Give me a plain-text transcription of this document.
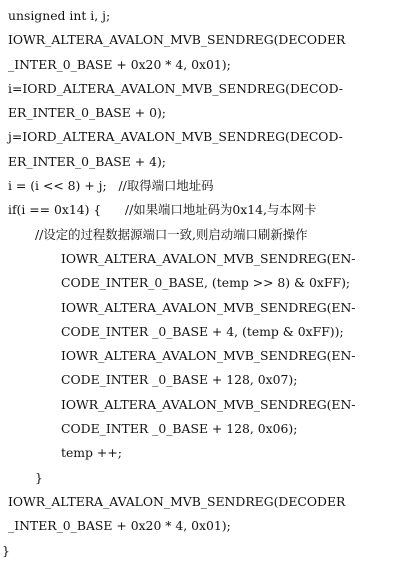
unsigned int i, j;
IOWR_ALTERA_AVALON_MVB_SENDREG(DECODER
_INTER_0_BASE + 0x20 * 4, 0x01);
i=IORD_ALTERA_AVALON_MVB_SENDREG(DECOD-
ER_INTER_0_BASE + 0);
j=IORD_ALTERA_AVALON_MVB_SENDREG(DECOD-
ER_INTER_0_BASE + 4);
i = (i << 8) + j;   //取得端口地址码
if(i == 0x14) {      //如果端口地址码为0x14,与本网卡
//设定的过程数据源端口一致,则启动端口刷新操作
IOWR_ALTERA_AVALON_MVB_SENDREG(EN-
CODE_INTER_0_BASE, (temp >> 8) & 0xFF);
IOWR_ALTERA_AVALON_MVB_SENDREG(EN-
CODE_INTER _0_BASE + 4, (temp & 0xFF));
IOWR_ALTERA_AVALON_MVB_SENDREG(EN-
CODE_INTER _0_BASE + 128, 0x07);
IOWR_ALTERA_AVALON_MVB_SENDREG(EN-
CODE_INTER _0_BASE + 128, 0x06);
temp ++;
}
IOWR_ALTERA_AVALON_MVB_SENDREG(DECODER
_INTER_0_BASE + 0x20 * 4, 0x01);
}
